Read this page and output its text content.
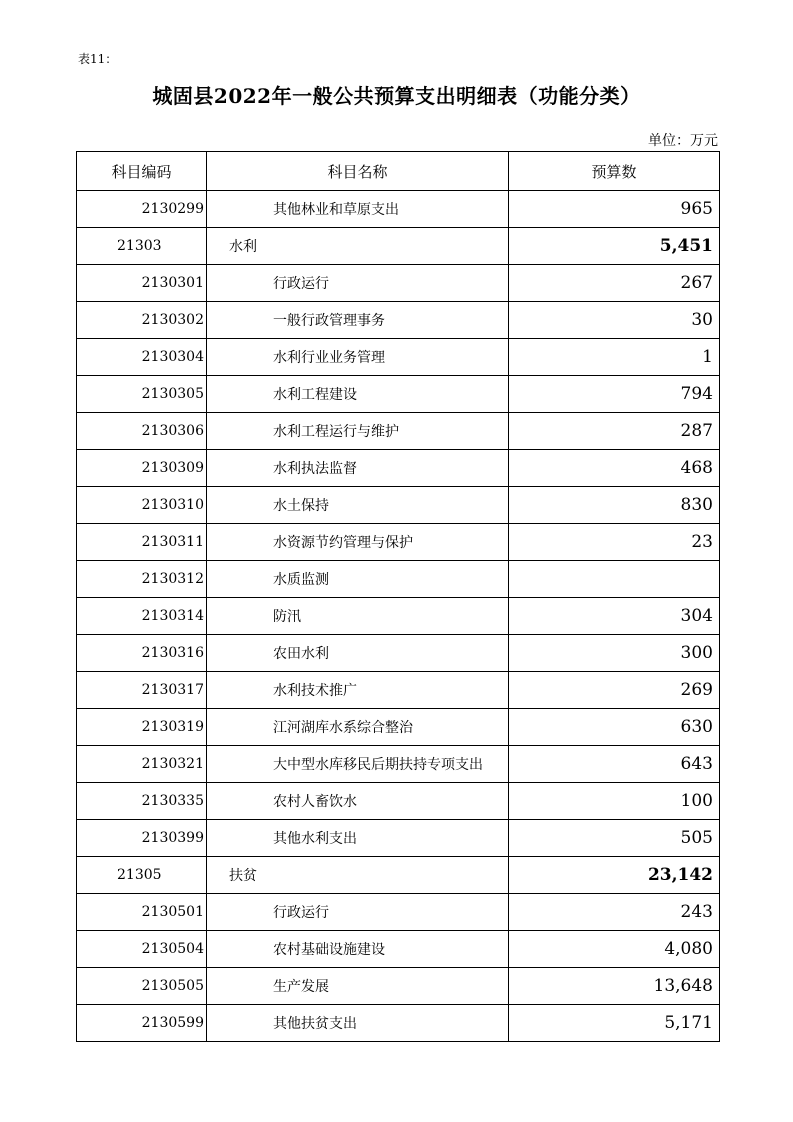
表11：
城固县2022年一般公共预算支出明细表（功能分类）
单位：万元
科目编码	科目名称	预算数
2130299	其他林业和草原支出	965
21303	水利	5,451
2130301	行政运行	267
2130302	一般行政管理事务	30
2130304	水利行业业务管理	1
2130305	水利工程建设	794
2130306	水利工程运行与维护	287
2130309	水利执法监督	468
2130310	水土保持	830
2130311	水资源节约管理与保护	23
2130312	水质监测	
2130314	防汛	304
2130316	农田水利	300
2130317	水利技术推广	269
2130319	江河湖库水系综合整治	630
2130321	大中型水库移民后期扶持专项支出	643
2130335	农村人畜饮水	100
2130399	其他水利支出	505
21305	扶贫	23,142
2130501	行政运行	243
2130504	农村基础设施建设	4,080
2130505	生产发展	13,648
2130599	其他扶贫支出	5,171
